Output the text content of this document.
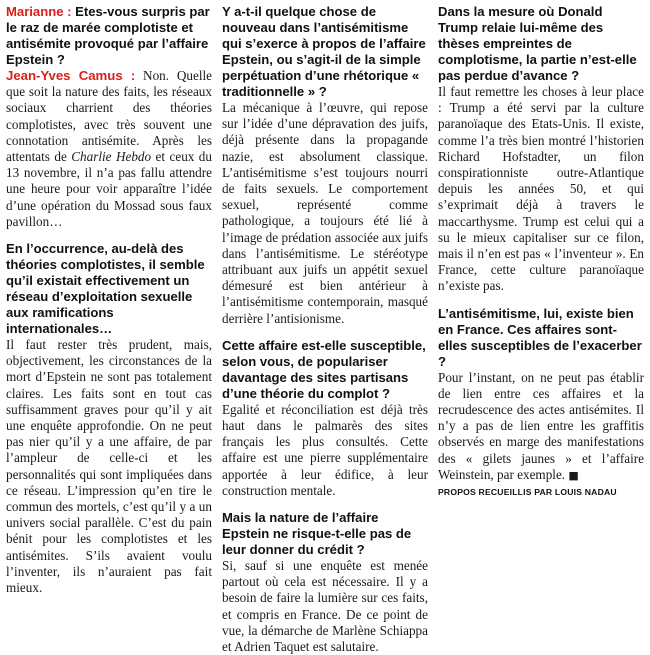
Marianne : Etes-vous surpris par le raz de marée complotiste et antisémite provoqué par l’affaire Epstein ?

Jean-Yves Camus : Non. Quelle que soit la nature des faits, les réseaux sociaux charrient des théories complotistes, avec très souvent une connotation antisémite. Après les attentats de Charlie Hebdo et ceux du 13 novembre, il n’a pas fallu attendre une heure pour voir apparaître l’idée d’une opération du Mossad sous faux pavillon…

En l’occurrence, au-delà des théories complotistes, il semble qu’il existait effectivement un réseau d’exploitation sexuelle aux ramifications internationales…

Il faut rester très prudent, mais, objectivement, les circonstances de la mort d’Epstein ne sont pas totalement claires. Les faits sont en tout cas suffisamment graves pour qu’il y ait une enquête approfondie. On ne peut pas nier qu’il y a une affaire, de par l’ampleur de celle-ci et les personnalités qui sont impliquées dans ce réseau. L’impression qu’en tire le commun des mortels, c’est qu’il y a un univers social parallèle. C’est du pain bénit pour les complotistes et les antisémites. S’ils avaient voulu l’inventer, ils n’auraient pas fait mieux.

Y a-t-il quelque chose de nouveau dans l’antisémitisme qui s’exerce à propos de l’affaire Epstein, ou s’agit-il de la simple perpétuation d’une rhétorique « traditionnelle » ?

La mécanique à l’œuvre, qui repose sur l’idée d’une dépravation des juifs, déjà présente dans la propagande nazie, est absolument classique. L’antisémitisme s’est toujours nourri de faits sexuels. Le comportement sexuel, représenté comme pathologique, a toujours été lié à l’image de prédation associée aux juifs dans l’antisémitisme. Le stéréotype attribuant aux juifs un appétit sexuel démesuré est bien antérieur à l’antisémitisme contemporain, masqué derrière l’antisionisme.

Cette affaire est-elle susceptible, selon vous, de populariser davantage des sites partisans d’une théorie du complot ?

Egalité et réconciliation est déjà très haut dans le palmarès des sites français les plus consultés. Cette affaire est une pierre supplémentaire apportée à leur édifice, à leur construction mentale.

Mais la nature de l’affaire Epstein ne risque-t-elle pas de leur donner du crédit ?

Si, sauf si une enquête est menée partout où cela est nécessaire. Il y a besoin de faire la lumière sur ces faits, et compris en France. De ce point de vue, la démarche de Marlène Schiappa et Adrien Taquet est salutaire.

Dans la mesure où Donald Trump relaie lui-même des thèses empreintes de complotisme, la partie n’est-elle pas perdue d’avance ?

Il faut remettre les choses à leur place : Trump a été servi par la culture paranoïaque des Etats-Unis. Il existe, comme l’a très bien montré l’historien Richard Hofstadter, un filon conspirationniste outre-Atlantique depuis les années 50, et qui s’exprimait déjà à travers le maccarthysme. Trump est celui qui a su le mieux capitaliser sur ce filon, mais il n’en est pas « l’inventeur ». En France, cette culture paranoïaque n’existe pas.

L’antisémitisme, lui, existe bien en France. Ces affaires sont-elles susceptibles de l’exacerber ?

Pour l’instant, on ne peut pas établir de lien entre ces affaires et la recrudescence des actes antisémites. Il n’y a pas de lien entre les graffitis observés en marge des manifestations des « gilets jaunes » et l’affaire Weinstein, par exemple. ■

PROPOS RECUEILLIS PAR LOUIS NADAU
